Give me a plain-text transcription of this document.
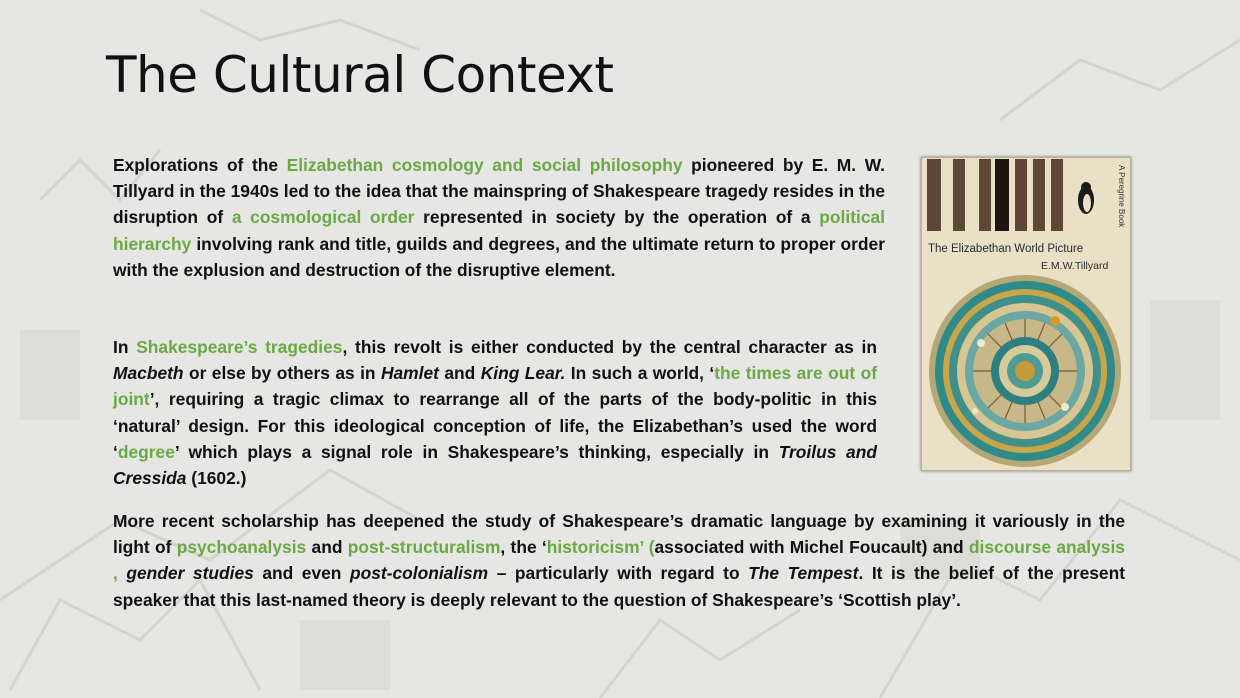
The Cultural Context

Explorations of the Elizabethan cosmology and social philosophy pioneered by E. M. W. Tillyard in the 1940s led to the idea that the mainspring of Shakespeare tragedy resides in the disruption of a cosmological order represented in society by the operation of a political hierarchy involving rank and title, guilds and degrees, and the ultimate return to proper order with the explusion and destruction of the disruptive element.

In Shakespeare’s tragedies, this revolt is either conducted by the central character as in Macbeth or else by others as in Hamlet and King Lear. In such a world, ‘the times are out of joint’, requiring a tragic climax to rearrange all of the parts of the body-politic in this ‘natural’ design. For this ideological conception of life, the Elizabethan’s used the word ‘degree’ which plays a signal role in Shakespeare’s thinking, especially in Troilus and Cressida (1602.)

More recent scholarship has deepened the study of Shakespeare’s dramatic language by examining it variously in the light of psychoanalysis and post-structuralism, the ‘historicism’ (associated with Michel Foucault) and discourse analysis , gender studies and even post-colonialism – particularly with regard to The Tempest. It is the belief of the present speaker that this last-named theory is deeply relevant to the question of Shakespeare’s ‘Scottish play’.

A Peregrine Book
The Elizabethan World Picture
E.M.W.Tillyard
